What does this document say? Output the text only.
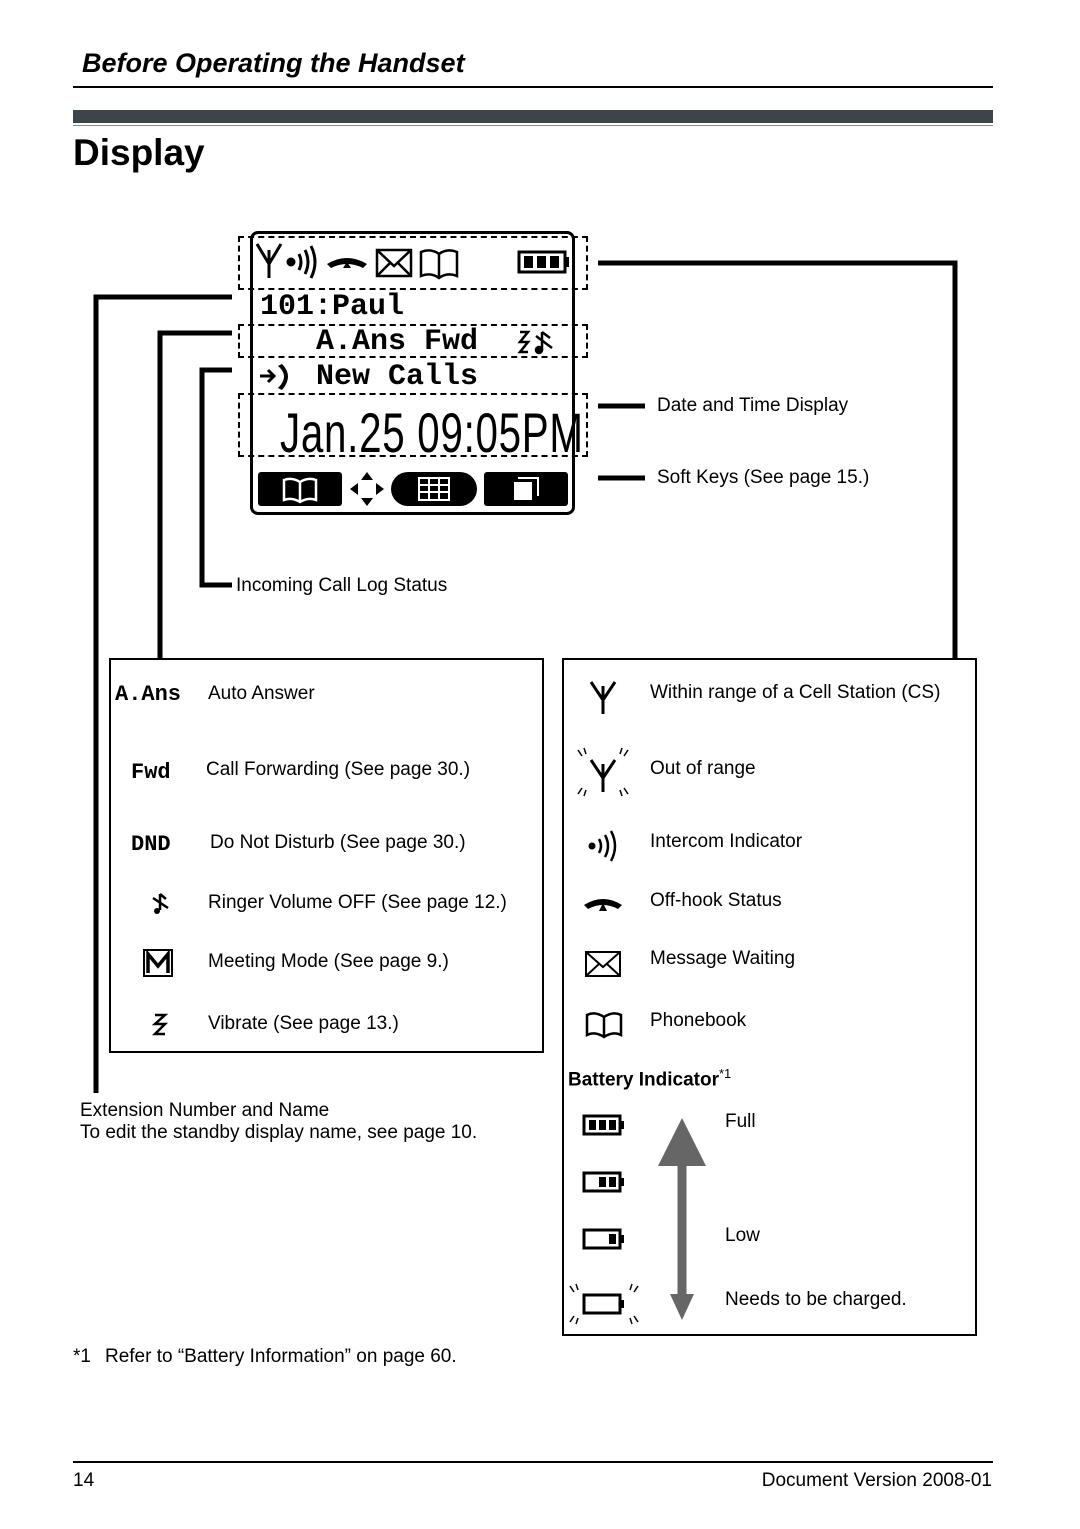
Before Operating the Handset
Display
101:Paul
A.Ans Fwd
New Calls
Jan.25 09:05PM	Date and Time Display
Soft Keys (See page 15.)
Incoming Call Log Status
Extension Number and Name
To edit the standby display name, see page 10.
A.Ans Auto Answer
Fwd Call Forwarding (See page 30.)
DND Do Not Disturb (See page 30.)
Ringer Volume OFF (See page 12.)
Meeting Mode (See page 9.)
Vibrate (See page 13.)
Within range of a Cell Station (CS)
Out of range
Intercom Indicator
Off-hook Status
Message Waiting
Phonebook
Battery Indicator$^{*1}$
Full
Low
Needs to be charged.
*1 Refer to “Battery Information” on page 60.
14	Document Version 2008-01
